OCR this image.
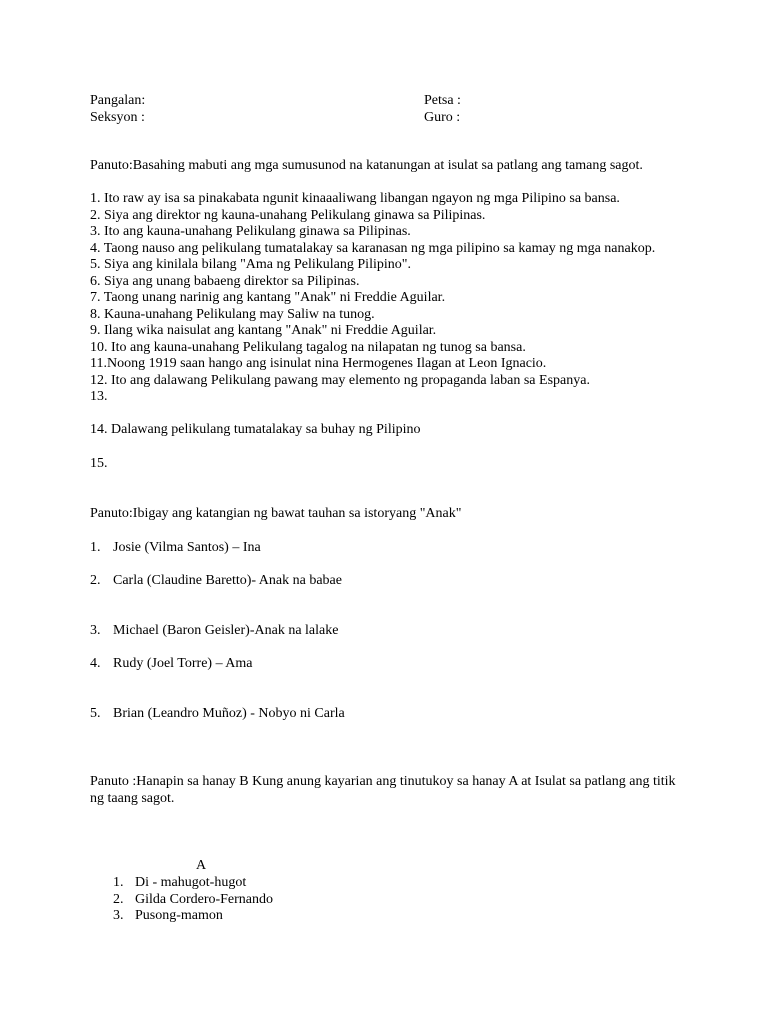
Pangalan:
Seksyon :
Petsa :
Guro :
Panuto:Basahing mabuti ang mga sumusunod na katanungan at isulat sa patlang ang tamang sagot.
1. Ito raw ay isa sa pinakabata ngunit kinaaaliwang libangan ngayon ng mga Pilipino sa bansa.
2. Siya ang direktor ng kauna-unahang Pelikulang ginawa sa Pilipinas.
3. Ito ang kauna-unahang Pelikulang ginawa sa Pilipinas.
4. Taong nauso ang pelikulang tumatalakay sa karanasan ng mga pilipino sa kamay ng mga nanakop.
5. Siya ang kinilala bilang "Ama ng Pelikulang Pilipino".
6. Siya ang unang babaeng direktor sa Pilipinas.
7. Taong unang narinig ang kantang "Anak" ni Freddie Aguilar.
8. Kauna-unahang Pelikulang may Saliw na tunog.
9. Ilang wika naisulat ang kantang "Anak" ni Freddie Aguilar.
10. Ito ang kauna-unahang Pelikulang tagalog na nilapatan ng tunog sa bansa.
11.Noong 1919 saan hango ang isinulat nina Hermogenes Ilagan at Leon Ignacio.
12. Ito ang dalawang Pelikulang pawang may elemento ng propaganda laban sa Espanya.
13.
14. Dalawang pelikulang tumatalakay sa buhay ng Pilipino
15.
Panuto:Ibigay ang katangian ng bawat tauhan sa istoryang "Anak"
1. Josie (Vilma Santos) – Ina
2. Carla (Claudine Baretto)- Anak na babae
3. Michael (Baron Geisler)-Anak na lalake
4. Rudy (Joel Torre) – Ama
5. Brian (Leandro Muñoz) - Nobyo ni Carla
Panuto :Hanapin sa hanay B Kung anung kayarian ang tinutukoy sa hanay A at Isulat sa patlang ang titik ng taang sagot.
A
1. Di - mahugot-hugot
2. Gilda Cordero-Fernando
3. Pusong-mamon
